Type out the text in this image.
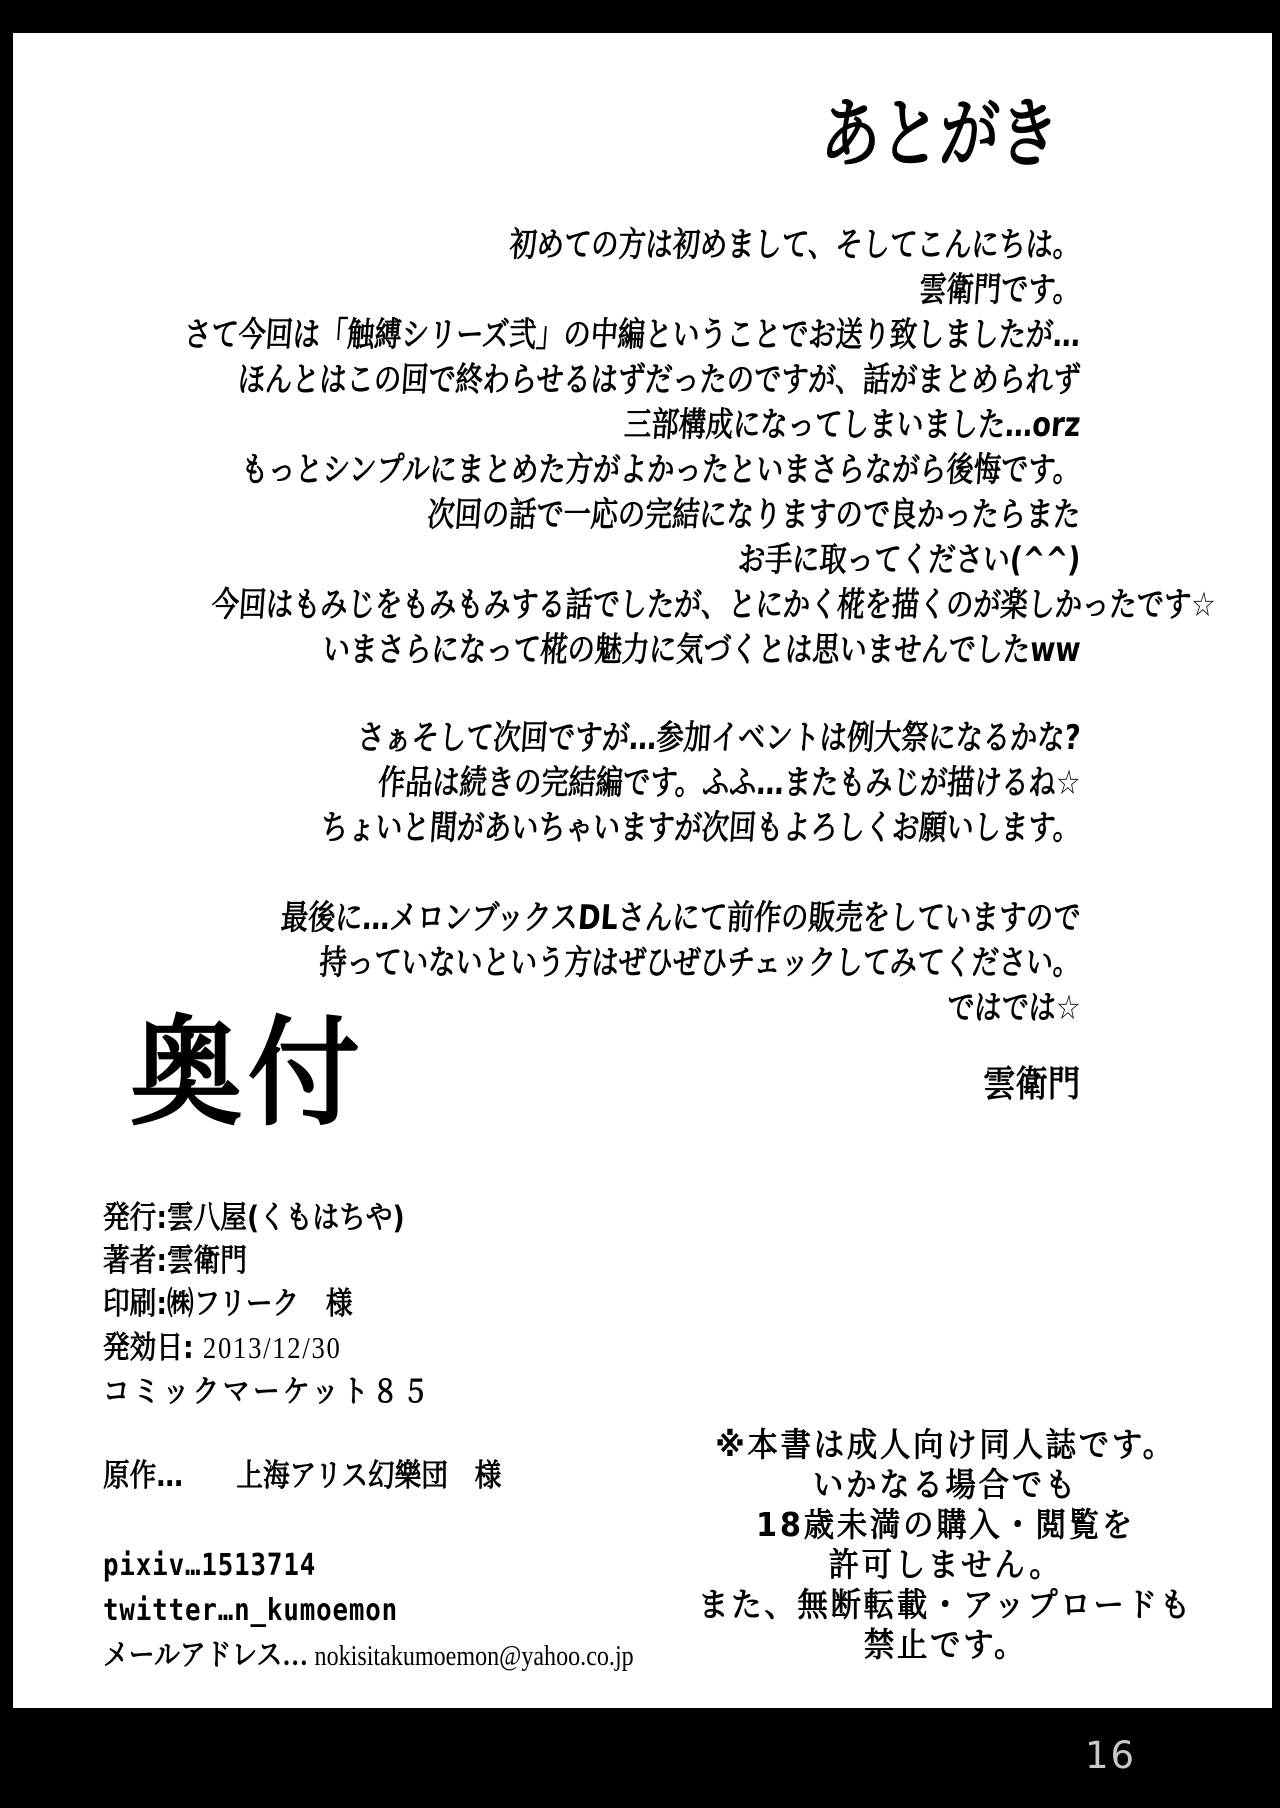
あとがき
初めての方は初めまして、そしてこんにちは。
雲衛門です。
さて今回は「触縛シリーズ弐」の中編ということでお送り致しましたが…
ほんとはこの回で終わらせるはずだったのですが、話がまとめられず
三部構成になってしまいました…orz
もっとシンプルにまとめた方がよかったといまさらながら後悔です。
次回の話で一応の完結になりますので良かったらまた
お手に取ってください(^^)
今回はもみじをもみもみする話でしたが、とにかく椛を描くのが楽しかったです☆
いまさらになって椛の魅力に気づくとは思いませんでしたww
さぁそして次回ですが…参加イベントは例大祭になるかな?
作品は続きの完結編です。ふふ…またもみじが描けるね☆
ちょいと間があいちゃいますが次回もよろしくお願いします。
最後に…メロンブックスDLさんにて前作の販売をしていますので
持っていないという方はぜひぜひチェックしてみてください。
ではでは☆
雲衛門
奥付
発行:雲八屋(くもはちや)
著者:雲衛門
印刷:㈱フリーク　様
発効日: 2013/12/30
コミックマーケット８５
原作…　　上海アリス幻樂団　様
pixiv…1513714
twitter…n_kumoemon
メールアドレス… nokisitakumoemon@yahoo.co.jp
※本書は成人向け同人誌です。
いかなる場合でも
18歳未満の購入・閲覧を
許可しません。
また、無断転載・アップロードも
禁止です。
16
